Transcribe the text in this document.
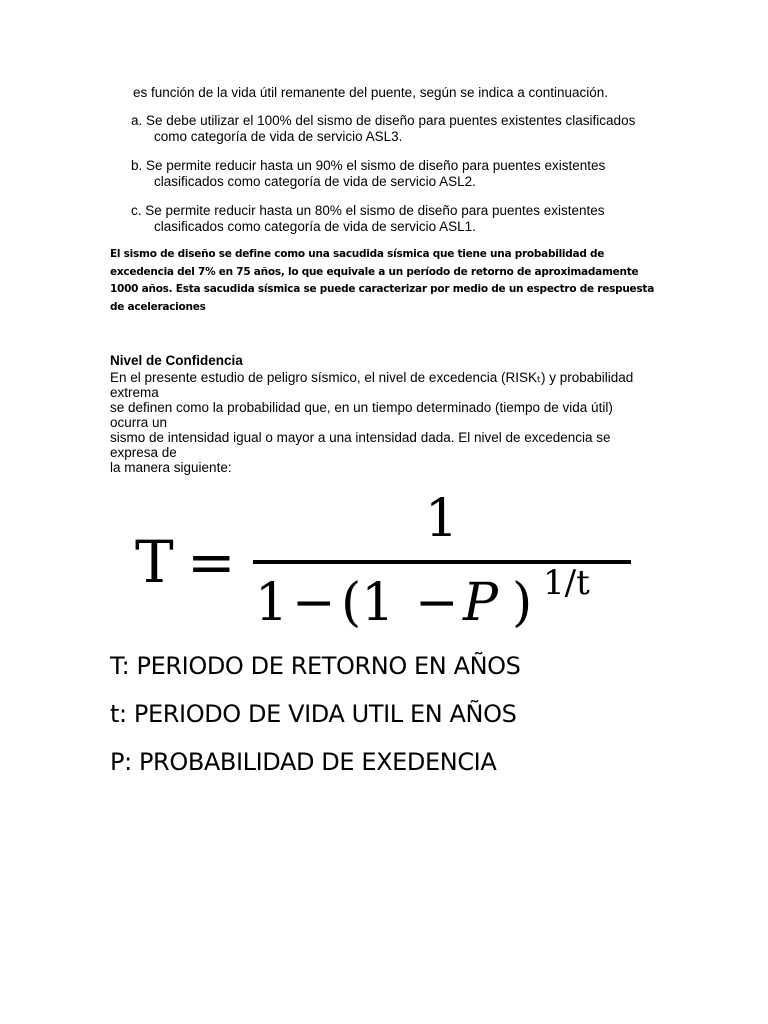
es función de la vida útil remanente del puente, según se indica a continuación.
a. Se debe utilizar el 100% del sismo de diseño para puentes existentes clasificados
como categoría de vida de servicio ASL3.
b. Se permite reducir hasta un 90% el sismo de diseño para puentes existentes
clasificados como categoría de vida de servicio ASL2.
c. Se permite reducir hasta un 80% el sismo de diseño para puentes existentes
clasificados como categoría de vida de servicio ASL1.
El sismo de diseño se define como una sacudida sísmica que tiene una probabilidad de excedencia del 7% en 75 años, lo que equivale a un período de retorno de aproximadamente 1000 años. Esta sacudida sísmica se puede caracterizar por medio de un espectro de respuesta de aceleraciones
Nivel de Confidencia
En el presente estudio de peligro sísmico, el nivel de excedencia (RISKₜ) y probabilidad
extrema
se definen como la probabilidad que, en un tiempo determinado (tiempo de vida útil)
ocurra un
sismo de intensidad igual o mayor a una intensidad dada. El nivel de excedencia se
expresa de
la manera siguiente:
T =
1
1 − (1 − P ) 1/t
T: PERIODO DE RETORNO EN AÑOS
t: PERIODO DE VIDA UTIL EN AÑOS
P: PROBABILIDAD DE EXEDENCIA
